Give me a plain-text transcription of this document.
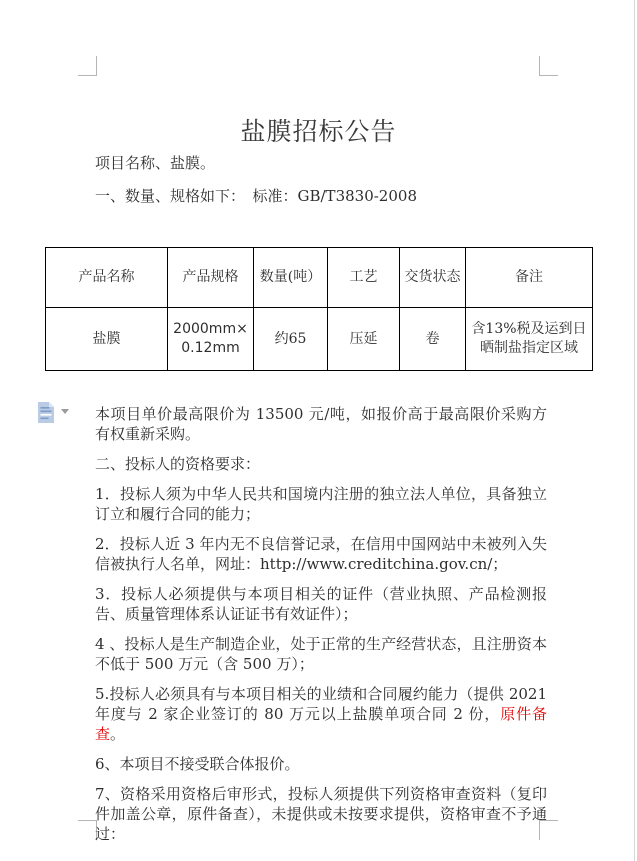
盐膜招标公告
项目名称、盐膜。
一、数量、规格如下：　标准：GB/T3830-2008
产品名称	产品规格	数量(吨）	工艺	交货状态	备注
盐膜	2000mm×0.12mm	约65	压延	卷	含13%税及运到日晒制盐指定区域

本项目单价最高限价为 13500 元/吨，如报价高于最高限价采购方有权重新采购。

二、投标人的资格要求：

1．投标人须为中华人民共和国境内注册的独立法人单位，具备独立订立和履行合同的能力；

2．投标人近 3 年内无不良信誉记录，在信用中国网站中未被列入失信被执行人名单，网址：http://www.creditchina.gov.cn/；

3．投标人必须提供与本项目相关的证件（营业执照、产品检测报告、质量管理体系认证证书有效证件）；

4 、投标人是生产制造企业，处于正常的生产经营状态，且注册资本不低于 500 万元（含 500 万）；

5.投标人必须具有与本项目相关的业绩和合同履约能力（提供 2021 年度与 2 家企业签订的 80 万元以上盐膜单项合同 2 份，原件备查。

6、本项目不接受联合体报价。

7、资格采用资格后审形式，投标人须提供下列资格审查资料（复印件加盖公章，原件备查），未提供或未按要求提供，资格审查不予通过：
